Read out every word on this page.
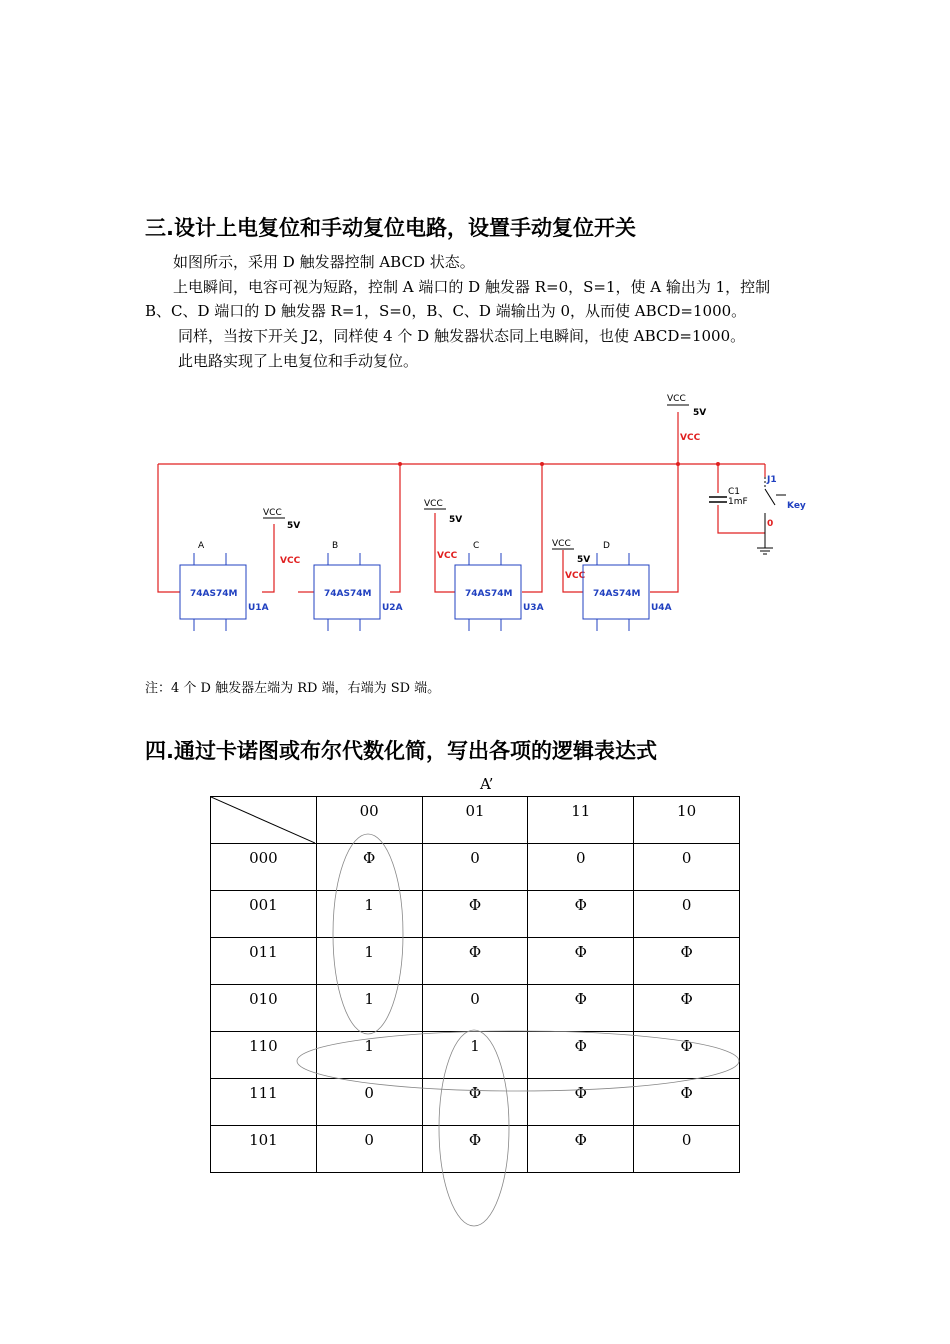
三.设计上电复位和手动复位电路，设置手动复位开关

如图所示，采用 D 触发器控制 ABCD 状态。

上电瞬间，电容可视为短路，控制 A 端口的 D 触发器 R=0，S=1，使 A 输出为 1，控制

B、C、D 端口的 D 触发器 R=1，S=0，B、C、D 端输出为 0，从而使 ABCD=1000。

同样，当按下开关 J2，同样使 4 个 D 触发器状态同上电瞬间，也使 ABCD=1000。

此电路实现了上电复位和手动复位。

VCC
5V
VCC
VCC
5V
VCC
VCC
5V
VCC
VCC
5V
VCC
A
74AS74M
U1A
B
74AS74M
U2A
C
74AS74M
U3A
D
74AS74M
U4A
C1
1mF
J1
Key
0

注：4 个 D 触发器左端为 RD 端，右端为 SD 端。

四.通过卡诺图或布尔代数化简，写出各项的逻辑表达式
A’
	00	01	11	10
000	Φ	0	0	0
001	1	Φ	Φ	0
011	1	Φ	Φ	Φ
010	1	0	Φ	Φ
110	1	1	Φ	Φ
111	0	Φ	Φ	Φ
101	0	Φ	Φ	0
